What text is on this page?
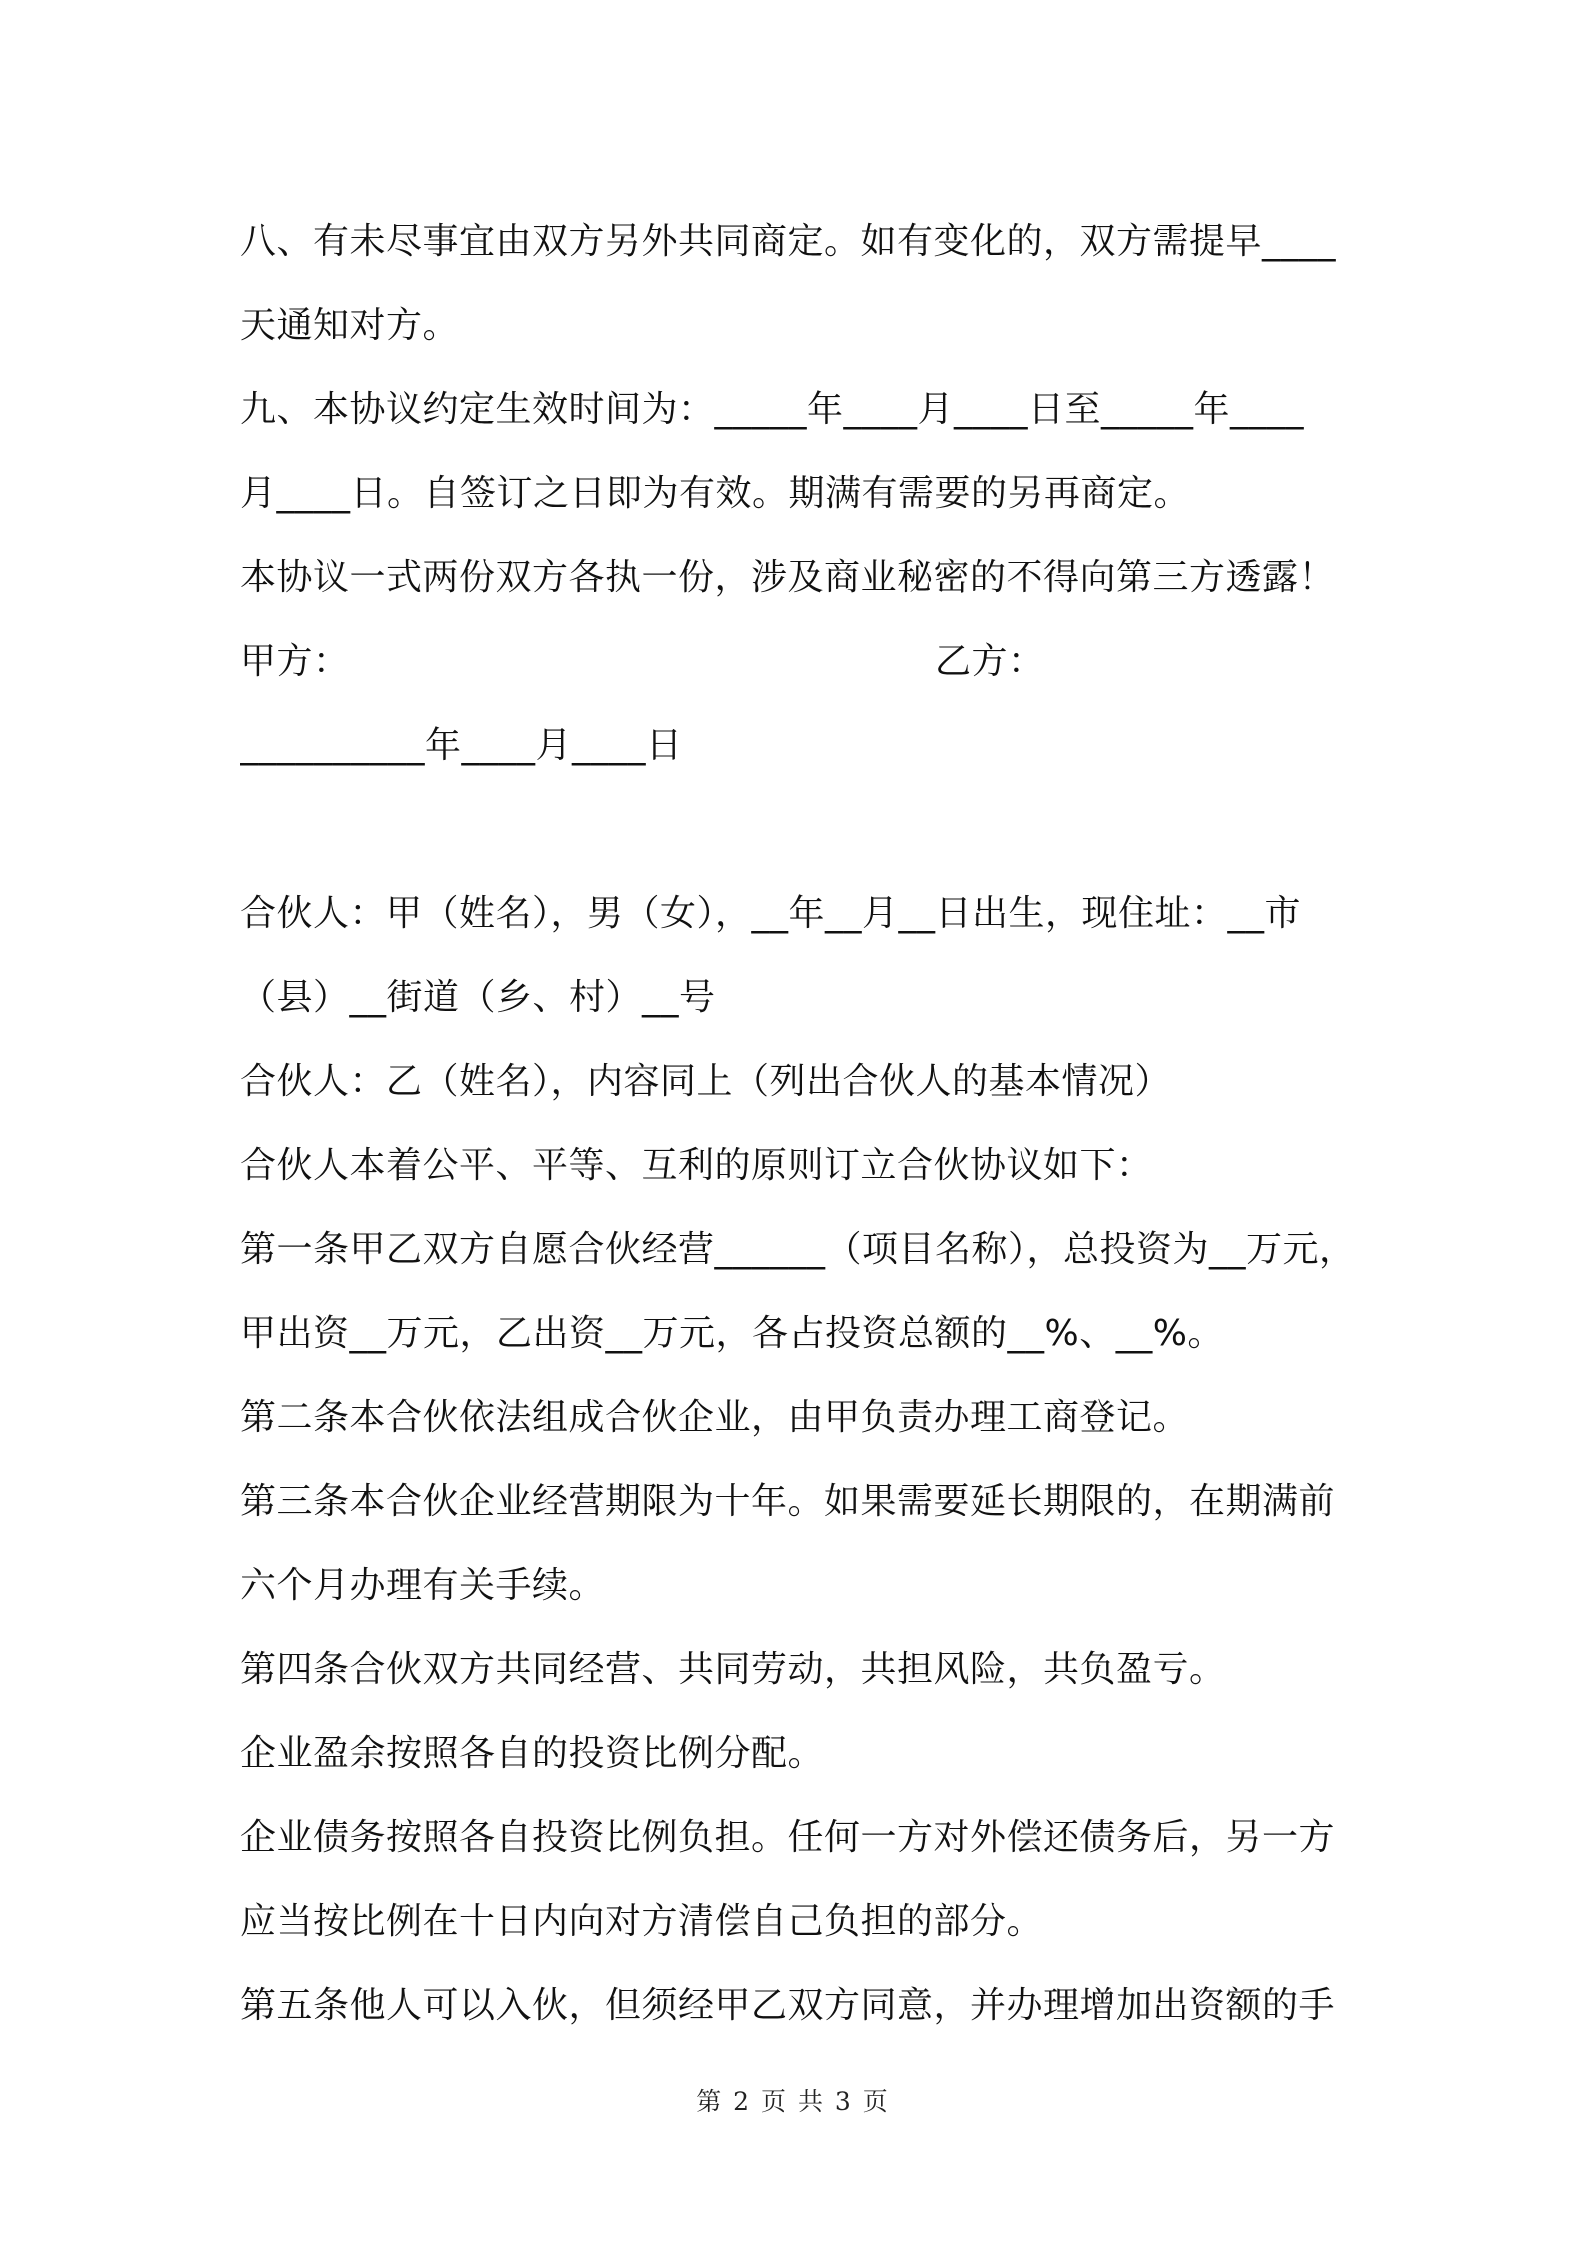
八、有未尽事宜由双方另外共同商定。如有变化的，双方需提早____
天通知对方。
九、本协议约定生效时间为：_____年____月____日至_____年____
月____日。自签订之日即为有效。期满有需要的另再商定。
本协议一式两份双方各执一份，涉及商业秘密的不得向第三方透露！
甲方：	乙方：
__________年____月____日
合伙人：甲（姓名），男（女），__年__月__日出生，现住址：__市
（县）__街道（乡、村）__号
合伙人：乙（姓名），内容同上（列出合伙人的基本情况）
合伙人本着公平、平等、互利的原则订立合伙协议如下：
第一条甲乙双方自愿合伙经营______（项目名称），总投资为__万元，
甲出资__万元，乙出资__万元，各占投资总额的__%、__%。
第二条本合伙依法组成合伙企业，由甲负责办理工商登记。
第三条本合伙企业经营期限为十年。如果需要延长期限的，在期满前
六个月办理有关手续。
第四条合伙双方共同经营、共同劳动，共担风险，共负盈亏。
企业盈余按照各自的投资比例分配。
企业债务按照各自投资比例负担。任何一方对外偿还债务后，另一方
应当按比例在十日内向对方清偿自己负担的部分。
第五条他人可以入伙，但须经甲乙双方同意，并办理增加出资额的手
第 2 页 共 3 页
